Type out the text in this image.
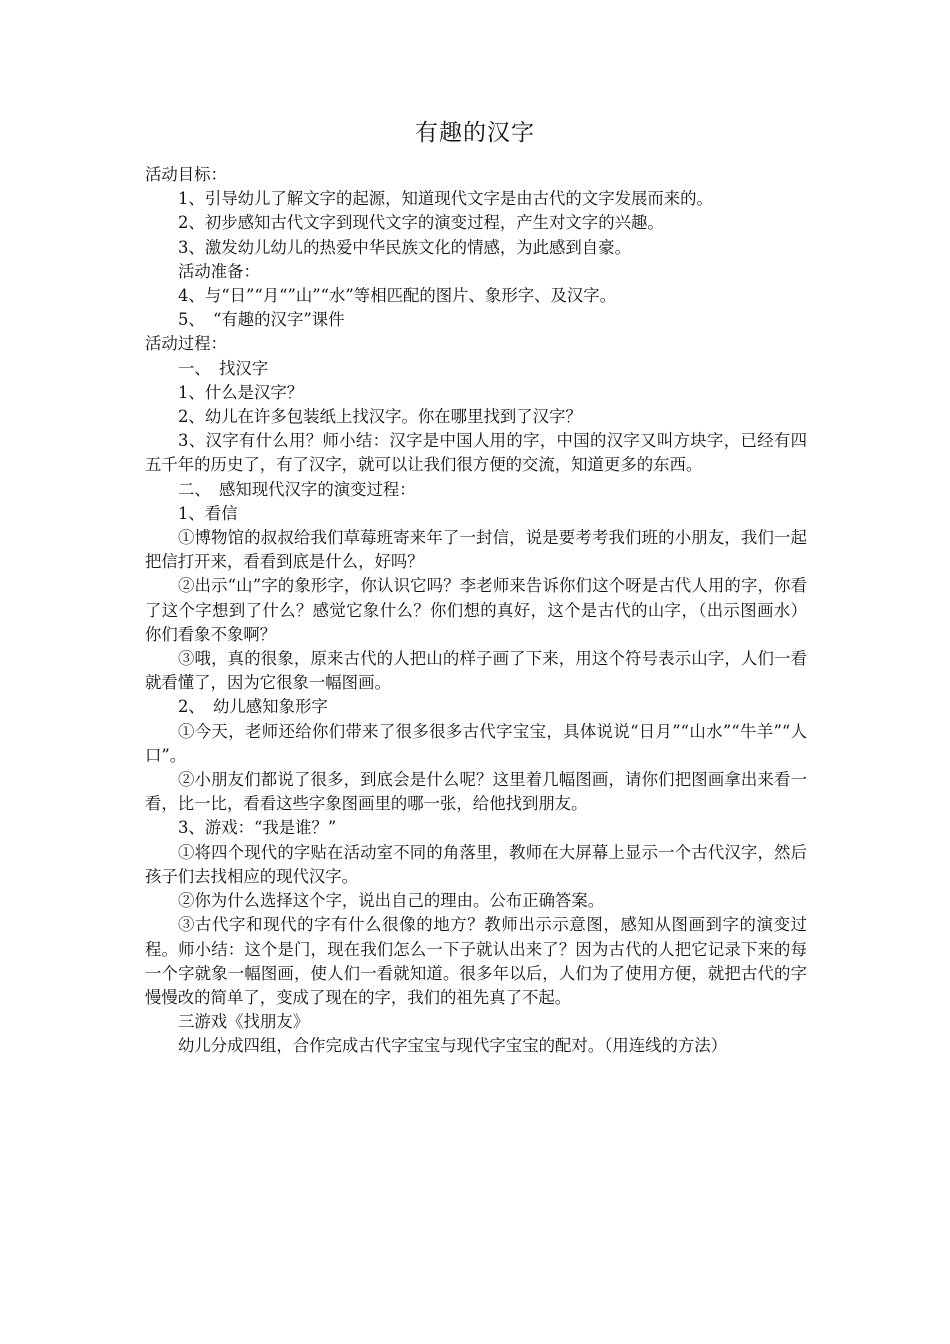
有趣的汉字

活动目标：

1、引导幼儿了解文字的起源，知道现代文字是由古代的文字发展而来的。

2、初步感知古代文字到现代文字的演变过程，产生对文字的兴趣。

3、激发幼儿幼儿的热爱中华民族文化的情感，为此感到自豪。

活动准备：

4、与“日”“月“”山”“水”等相匹配的图片、象形字、及汉字。

5、　“有趣的汉字”课件

活动过程：

一、　找汉字

1、什么是汉字？

2、幼儿在许多包装纸上找汉字。你在哪里找到了汉字？

3、汉字有什么用？师小结：汉字是中国人用的字，中国的汉字又叫方块字，已经有四五千年的历史了，有了汉字，就可以让我们很方便的交流，知道更多的东西。

二、　感知现代汉字的演变过程：

1、看信

①博物馆的叔叔给我们草莓班寄来年了一封信，说是要考考我们班的小朋友，我们一起把信打开来，看看到底是什么，好吗？

②出示“山”字的象形字，你认识它吗？李老师来告诉你们这个呀是古代人用的字，你看了这个字想到了什么？感觉它象什么？你们想的真好，这个是古代的山字，（出示图画水）你们看象不象啊？

③哦，真的很象，原来古代的人把山的样子画了下来，用这个符号表示山字，人们一看就看懂了，因为它很象一幅图画。

2、　幼儿感知象形字

①今天，老师还给你们带来了很多很多古代字宝宝，具体说说“日月”“山水”“牛羊”“人口”。

②小朋友们都说了很多，到底会是什么呢？这里着几幅图画，请你们把图画拿出来看一看，比一比，看看这些字象图画里的哪一张，给他找到朋友。

3、游戏：“我是谁？”

①将四个现代的字贴在活动室不同的角落里，教师在大屏幕上显示一个古代汉字，然后孩子们去找相应的现代汉字。

②你为什么选择这个字，说出自己的理由。公布正确答案。

③古代字和现代的字有什么很像的地方？教师出示示意图，感知从图画到字的演变过程。师小结：这个是门，现在我们怎么一下子就认出来了？因为古代的人把它记录下来的每一个字就象一幅图画，使人们一看就知道。很多年以后，人们为了使用方便，就把古代的字慢慢改的简单了，变成了现在的字，我们的祖先真了不起。

三游戏《找朋友》

幼儿分成四组，合作完成古代字宝宝与现代字宝宝的配对。（用连线的方法）
